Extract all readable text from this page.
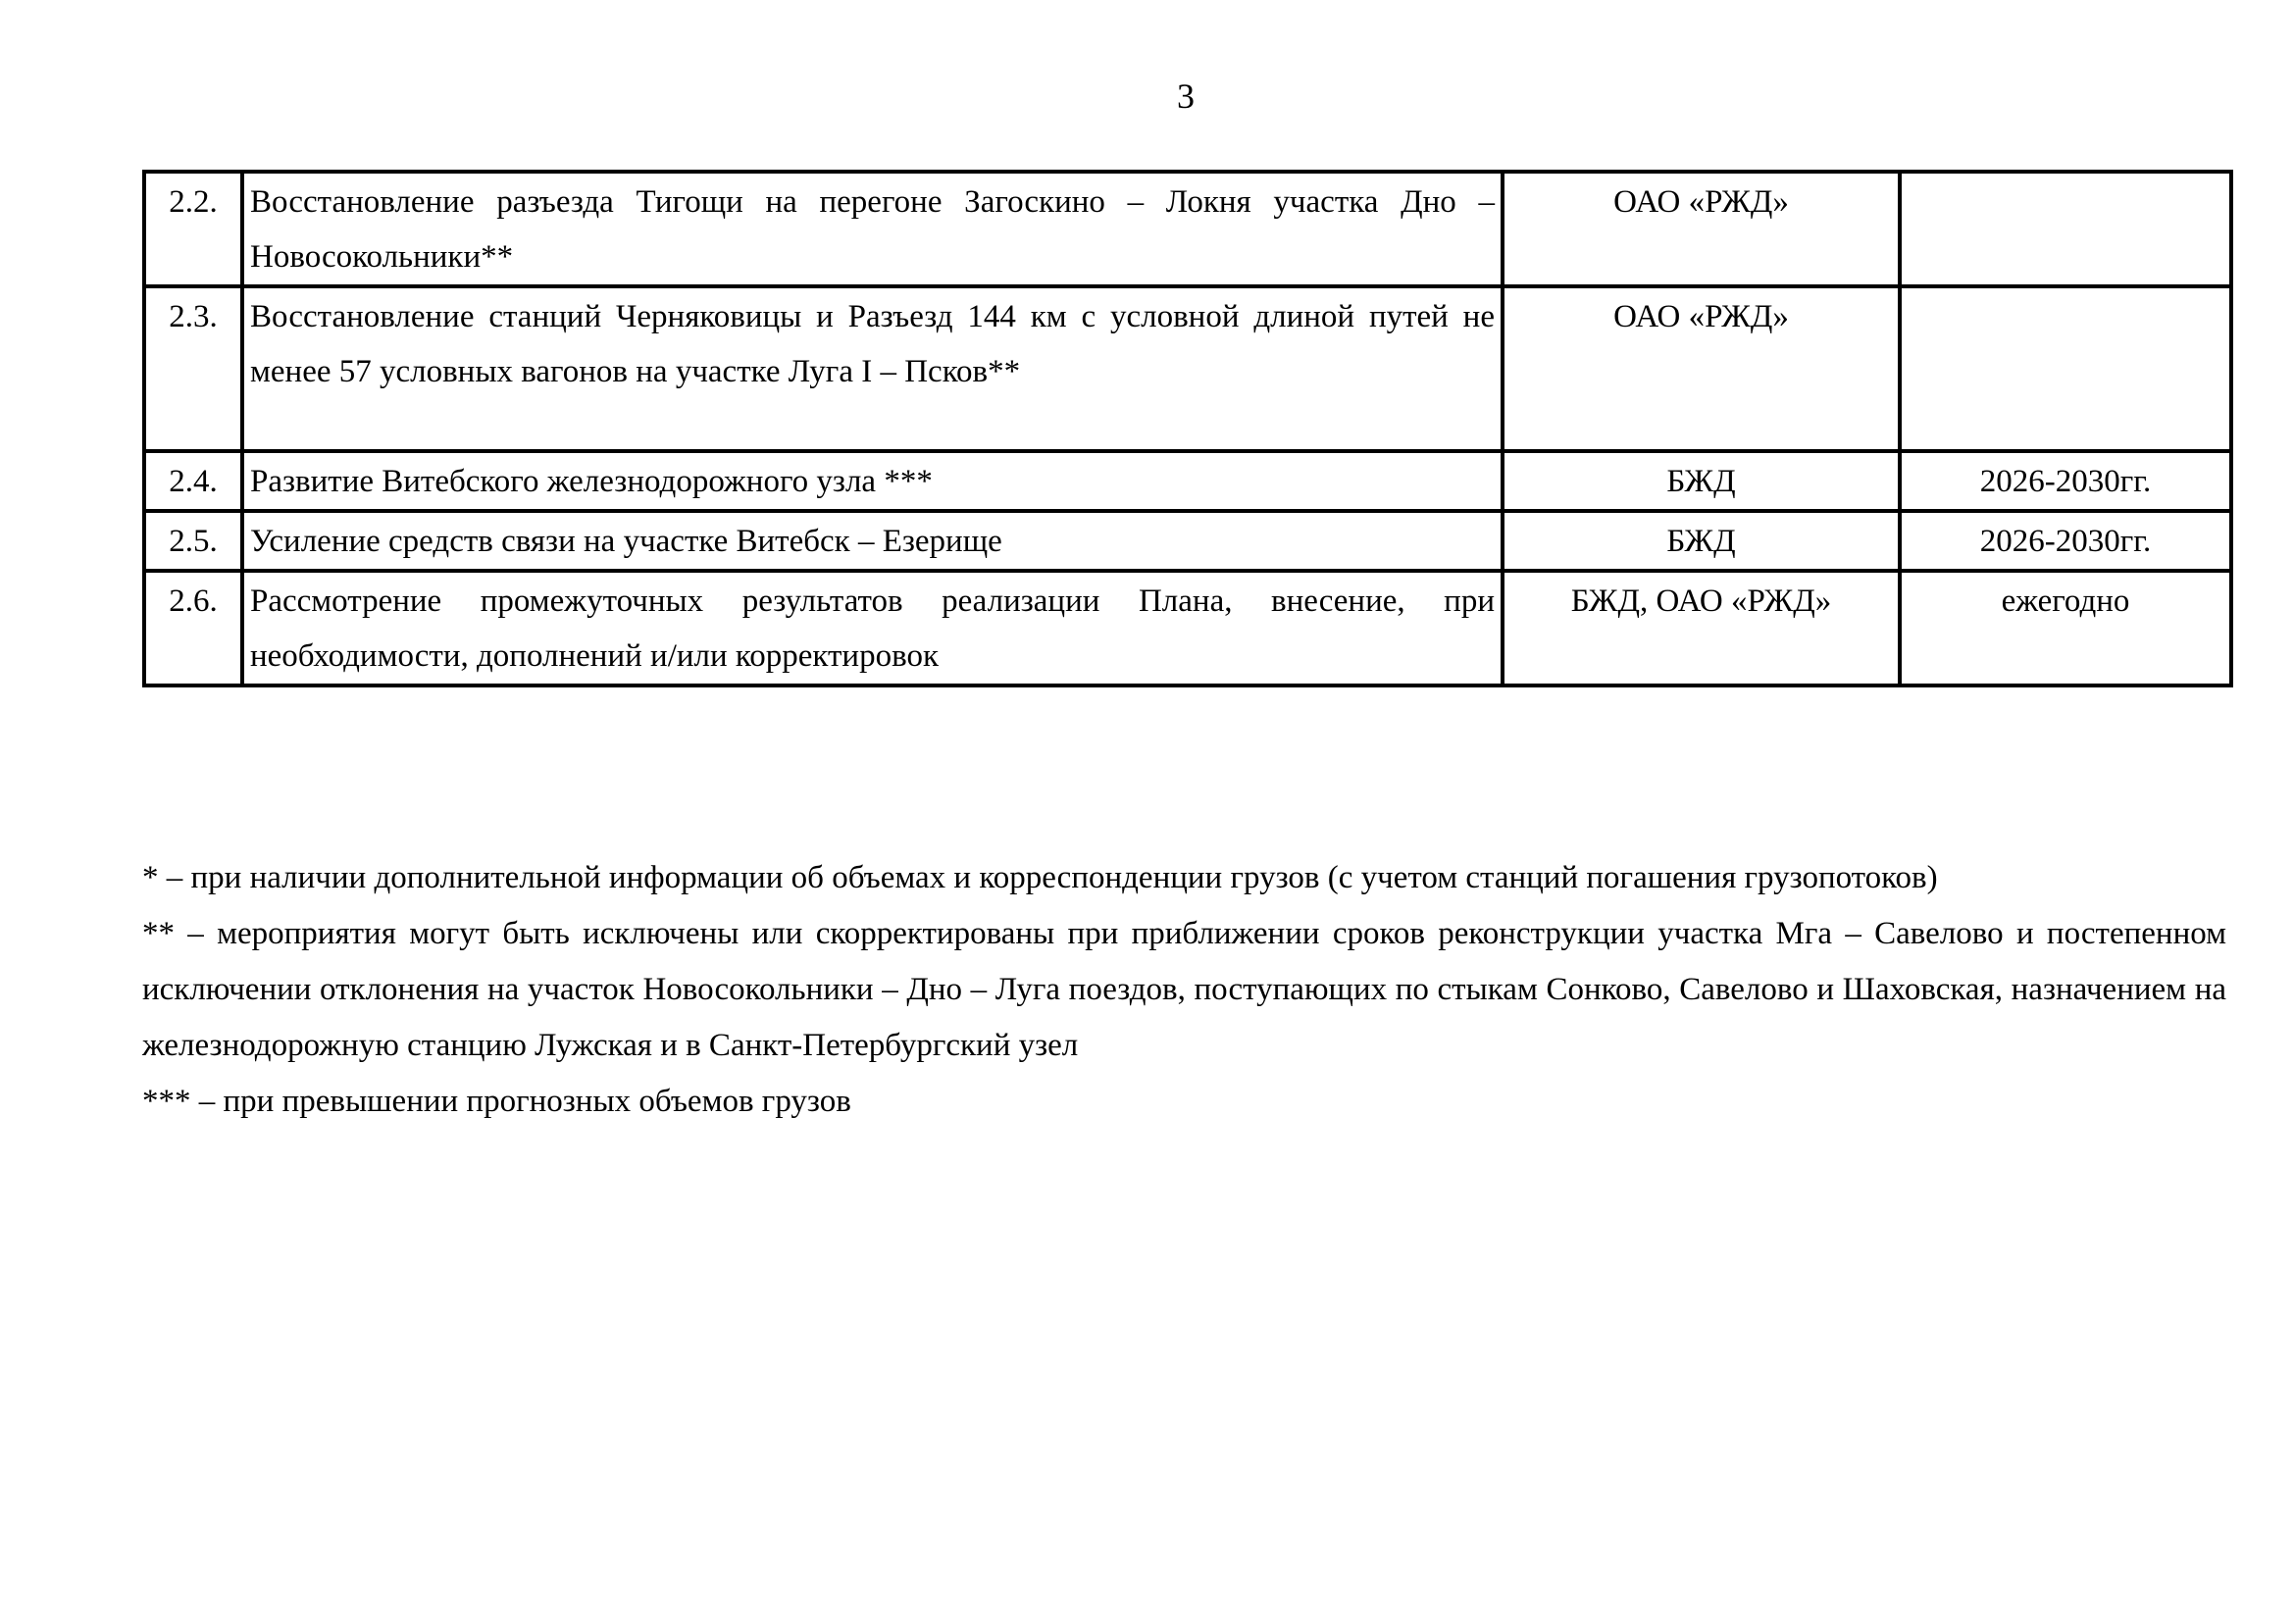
3
2.2.	Восстановление разъезда Тигощи на перегоне Загоскино – Локня участка Дно – Новосокольники**	ОАО «РЖД»	
2.3.	Восстановление станций Черняковицы и Разъезд 144 км с условной длиной путей не менее 57 условных вагонов на участке Луга I – Псков**	ОАО «РЖД»	
2.4.	Развитие Витебского железнодорожного узла ***	БЖД	2026-2030гг.
2.5.	Усиление средств связи на участке Витебск – Езерище	БЖД	2026-2030гг.
2.6.	Рассмотрение промежуточных результатов реализации Плана, внесение, при необходимости, дополнений и/или корректировок	БЖД, ОАО «РЖД»	ежегодно

* – при наличии дополнительной информации об объемах и корреспонденции грузов (с учетом станций погашения грузопотоков)

** – мероприятия могут быть исключены или скорректированы при приближении сроков реконструкции участка Мга – Савелово и постепенном исключении отклонения на участок Новосокольники – Дно – Луга поездов, поступающих по стыкам Сонково, Савелово и Шаховская, назначением на железнодорожную станцию Лужская и в Санкт-Петербургский узел

*** – при превышении прогнозных объемов грузов
